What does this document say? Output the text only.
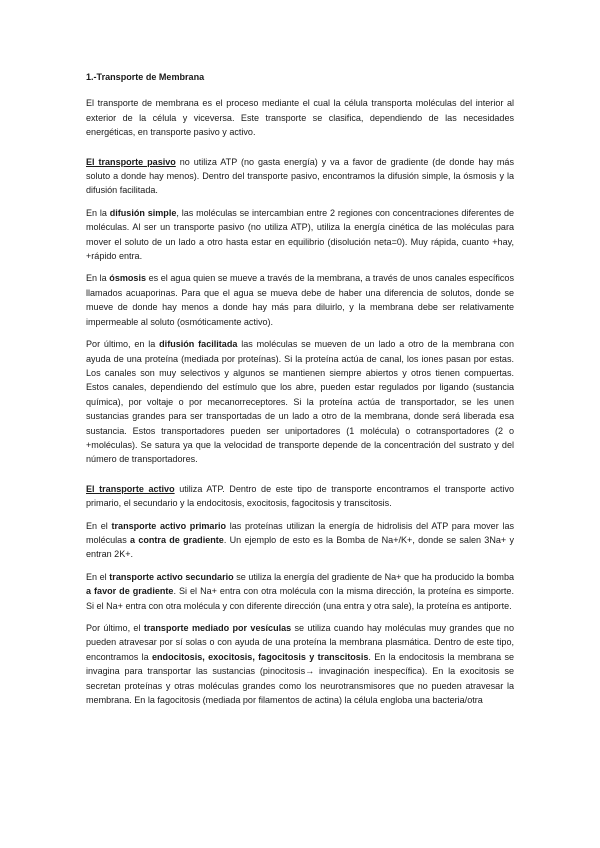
1.-Transporte de Membrana

El transporte de membrana es el proceso mediante el cual la célula transporta moléculas del interior al exterior de la célula y viceversa. Este transporte se clasifica, dependiendo de las necesidades energéticas, en transporte pasivo y activo.

El transporte pasivo no utiliza ATP (no gasta energía) y va a favor de gradiente (de donde hay más soluto a donde hay menos). Dentro del transporte pasivo, encontramos la difusión simple, la ósmosis y la difusión facilitada.

En la difusión simple, las moléculas se intercambian entre 2 regiones con concentraciones diferentes de moléculas. Al ser un transporte pasivo (no utiliza ATP), utiliza la energía cinética de las moléculas para mover el soluto de un lado a otro hasta estar en equilibrio (disolución neta=0). Muy rápida, cuanto +hay, +rápido entra.

En la ósmosis es el agua quien se mueve a través de la membrana, a través de unos canales específicos llamados acuaporinas. Para que el agua se mueva debe de haber una diferencia de solutos, donde se mueve de donde hay menos a donde hay más para diluirlo, y la membrana debe ser relativamente impermeable al soluto (osmóticamente activo).

Por último, en la difusión facilitada las moléculas se mueven de un lado a otro de la membrana con ayuda de una proteína (mediada por proteínas). Si la proteína actúa de canal, los iones pasan por estas. Los canales son muy selectivos y algunos se mantienen siempre abiertos y otros tienen compuertas. Estos canales, dependiendo del estímulo que los abre, pueden estar regulados por ligando (sustancia química), por voltaje o por mecanorreceptores. Si la proteína actúa de transportador, se les unen sustancias grandes para ser transportadas de un lado a otro de la membrana, donde será liberada esa sustancia. Estos transportadores pueden ser uniportadores (1 molécula) o cotransportadores (2 o +moléculas). Se satura ya que la velocidad de transporte depende de la concentración del sustrato y del número de transportadores.

El transporte activo utiliza ATP. Dentro de este tipo de transporte encontramos el transporte activo primario, el secundario y la endocitosis, exocitosis, fagocitosis y transcitosis.

En el transporte activo primario las proteínas utilizan la energía de hidrolisis del ATP para mover las moléculas a contra de gradiente. Un ejemplo de esto es la Bomba de Na+/K+, donde se salen 3Na+ y entran 2K+.

En el transporte activo secundario se utiliza la energía del gradiente de Na+ que ha producido la bomba a favor de gradiente. Si el Na+ entra con otra molécula con la misma dirección, la proteína es simporte. Si el Na+ entra con otra molécula y con diferente dirección (una entra y otra sale), la proteína es antiporte.

Por último, el transporte mediado por vesículas se utiliza cuando hay moléculas muy grandes que no pueden atravesar por sí solas o con ayuda de una proteína la membrana plasmática. Dentro de este tipo, encontramos la endocitosis, exocitosis, fagocitosis y transcitosis. En la endocitosis la membrana se invagina para transportar las sustancias (pinocitosis→ invaginación inespecífica). En la exocitosis se secretan proteínas y otras moléculas grandes como los neurotransmisores que no pueden atravesar la membrana. En la fagocitosis (mediada por filamentos de actina) la célula engloba una bacteria/otra
